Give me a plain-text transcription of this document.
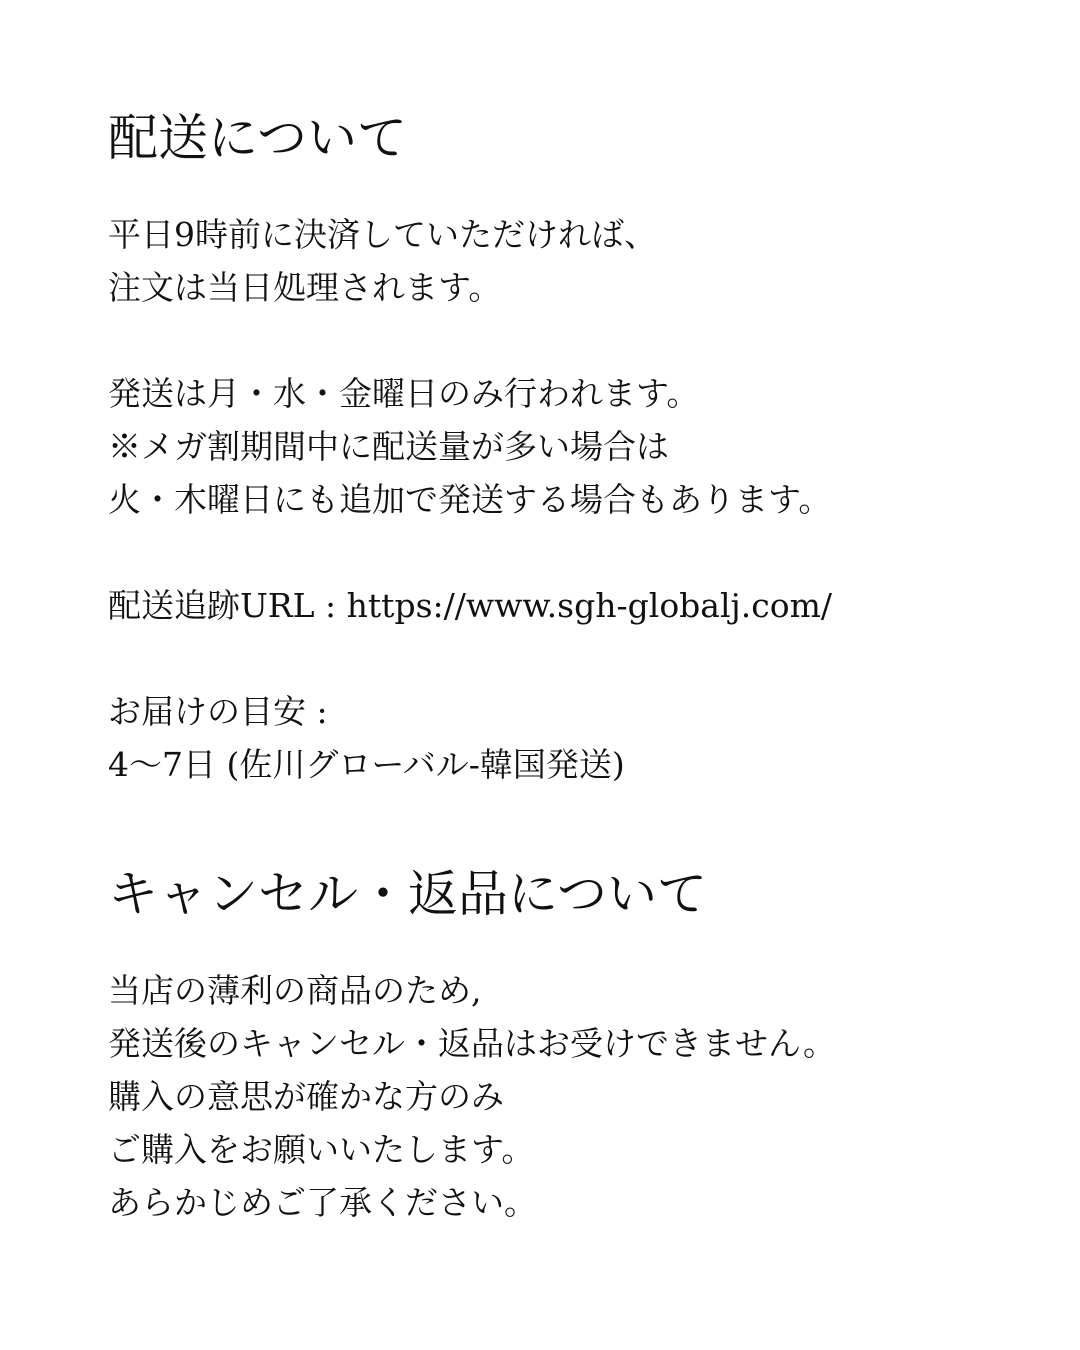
配送について

平日9時前に決済していただければ、

注文は当日処理されます。

発送は月・水・金曜日のみ行われます。

※メガ割期間中に配送量が多い場合は

火・木曜日にも追加で発送する場合もあります。

配送追跡URL : https://www.sgh-globalj.com/

お届けの目安 :

4〜7日 (佐川グローバル-韓国発送)

キャンセル・返品について

当店の薄利の商品のため,

発送後のキャンセル・返品はお受けできません。

購入の意思が確かな方のみ

ご購入をお願いいたします。

あらかじめご了承ください。
